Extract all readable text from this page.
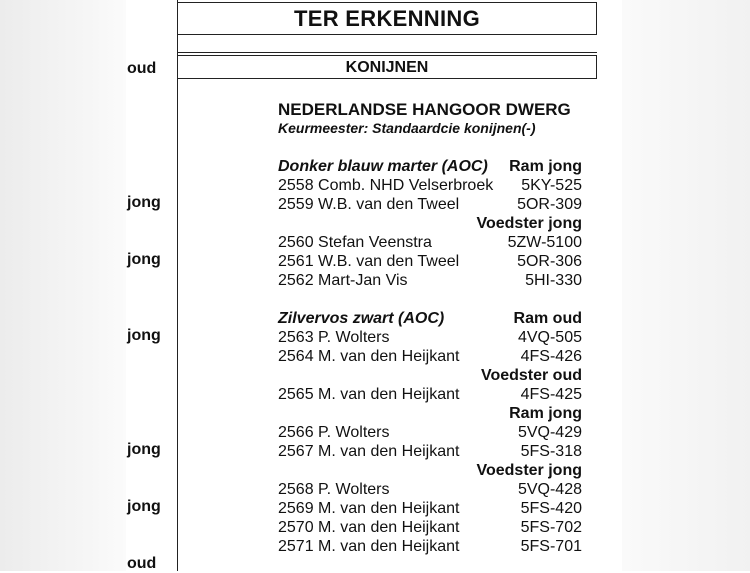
oud
jong
jong
jong
jong
jong
oud
TER ERKENNING
KONIJNEN
NEDERLANDSE HANGOOR DWERG
Keurmeester: Standaardcie konijnen(-)
Donker blauw marter (AOC) Ram jong
2558 Comb. NHD Velserbroek 5KY-525
2559 W.B. van den Tweel	5OR-309
Voedster jong
2560 Stefan Veenstra	5ZW-5100
2561 W.B. van den Tweel	5OR-306
2562 Mart-Jan Vis	5HI-330
Zilvervos zwart (AOC)	Ram oud
2563 P. Wolters	4VQ-505
2564 M. van den Heijkant	4FS-426
Voedster oud
2565 M. van den Heijkant	4FS-425
Ram jong
2566 P. Wolters	5VQ-429
2567 M. van den Heijkant	5FS-318
Voedster jong
2568 P. Wolters	5VQ-428
2569 M. van den Heijkant	5FS-420
2570 M. van den Heijkant	5FS-702
2571 M. van den Heijkant	5FS-701
